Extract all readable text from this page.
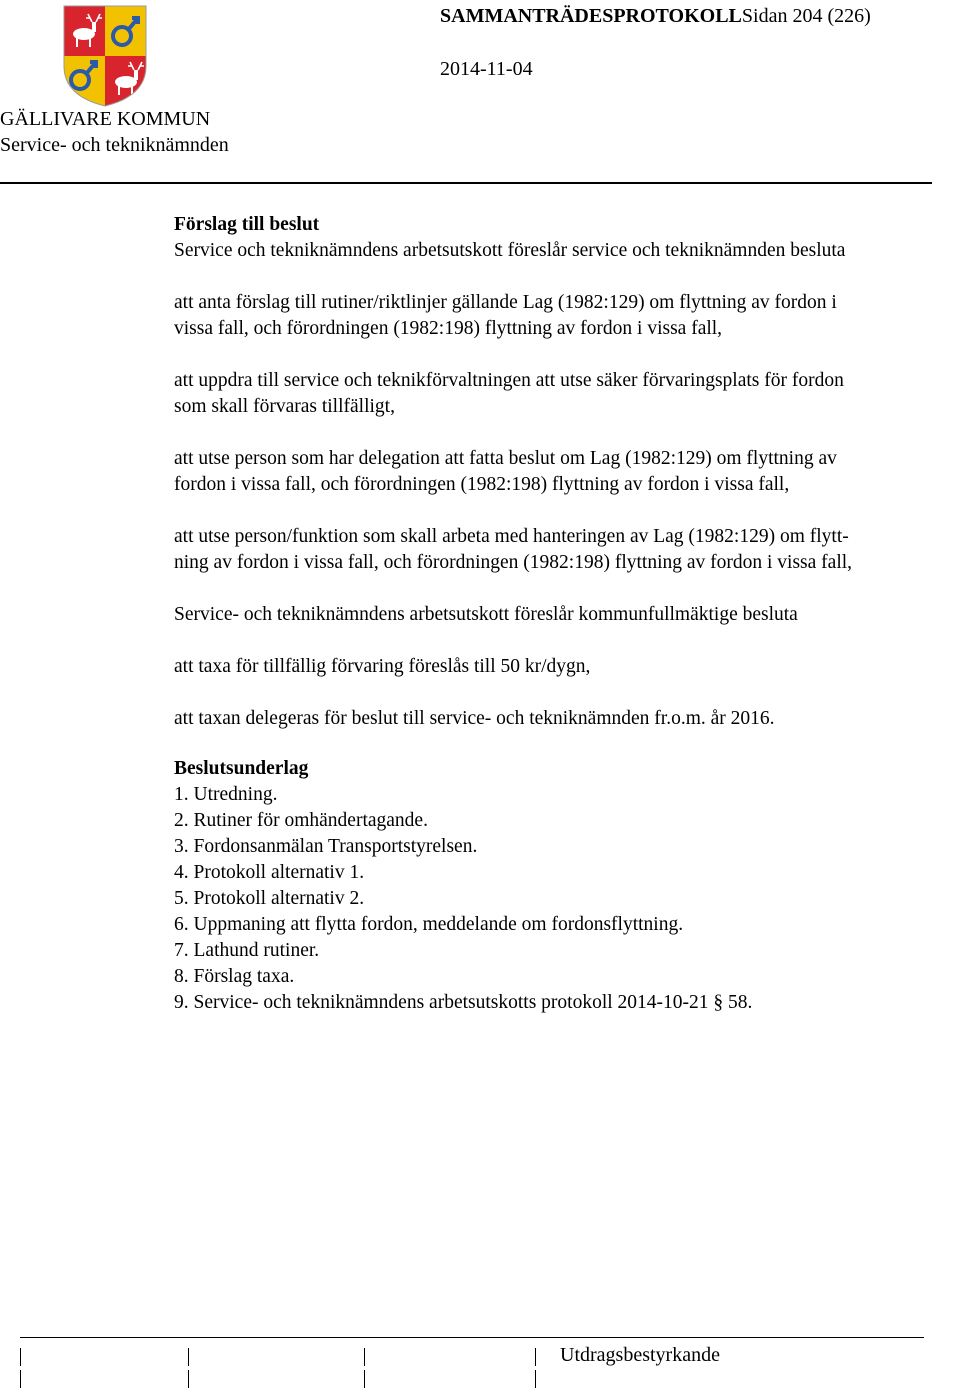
GÄLLIVARE KOMMUN
Service- och tekniknämnden
SAMMANTRÄDESPROTOKOLLSidan 204 (226)
2014-11-04

Förslag till beslut

Service och tekniknämndens arbetsutskott föreslår service och tekniknämnden besluta

att anta förslag till rutiner/riktlinjer gällande Lag (1982:129) om flyttning av fordon i

vissa fall, och förordningen (1982:198) flyttning av fordon i vissa fall,

att uppdra till service och teknikförvaltningen att utse säker förvaringsplats för fordon

som skall förvaras tillfälligt,

att utse person som har delegation att fatta beslut om Lag (1982:129) om flyttning av

fordon i vissa fall, och förordningen (1982:198) flyttning av fordon i vissa fall,

att utse person/funktion som skall arbeta med hanteringen av Lag (1982:129) om flytt-

ning av fordon i vissa fall, och förordningen (1982:198) flyttning av fordon i vissa fall,

Service- och tekniknämndens arbetsutskott föreslår kommunfullmäktige besluta

att taxa för tillfällig förvaring föreslås till 50 kr/dygn,

att taxan delegeras för beslut till service- och tekniknämnden fr.o.m. år 2016.

Beslutsunderlag

1. Utredning.
2. Rutiner för omhändertagande.
3. Fordonsanmälan Transportstyrelsen.
4. Protokoll alternativ 1.
5. Protokoll alternativ 2.
6. Uppmaning att flytta fordon, meddelande om fordonsflyttning.
7. Lathund rutiner.
8. Förslag taxa.
9. Service- och tekniknämndens arbetsutskotts protokoll 2014-10-21 § 58.
Utdragsbestyrkande
